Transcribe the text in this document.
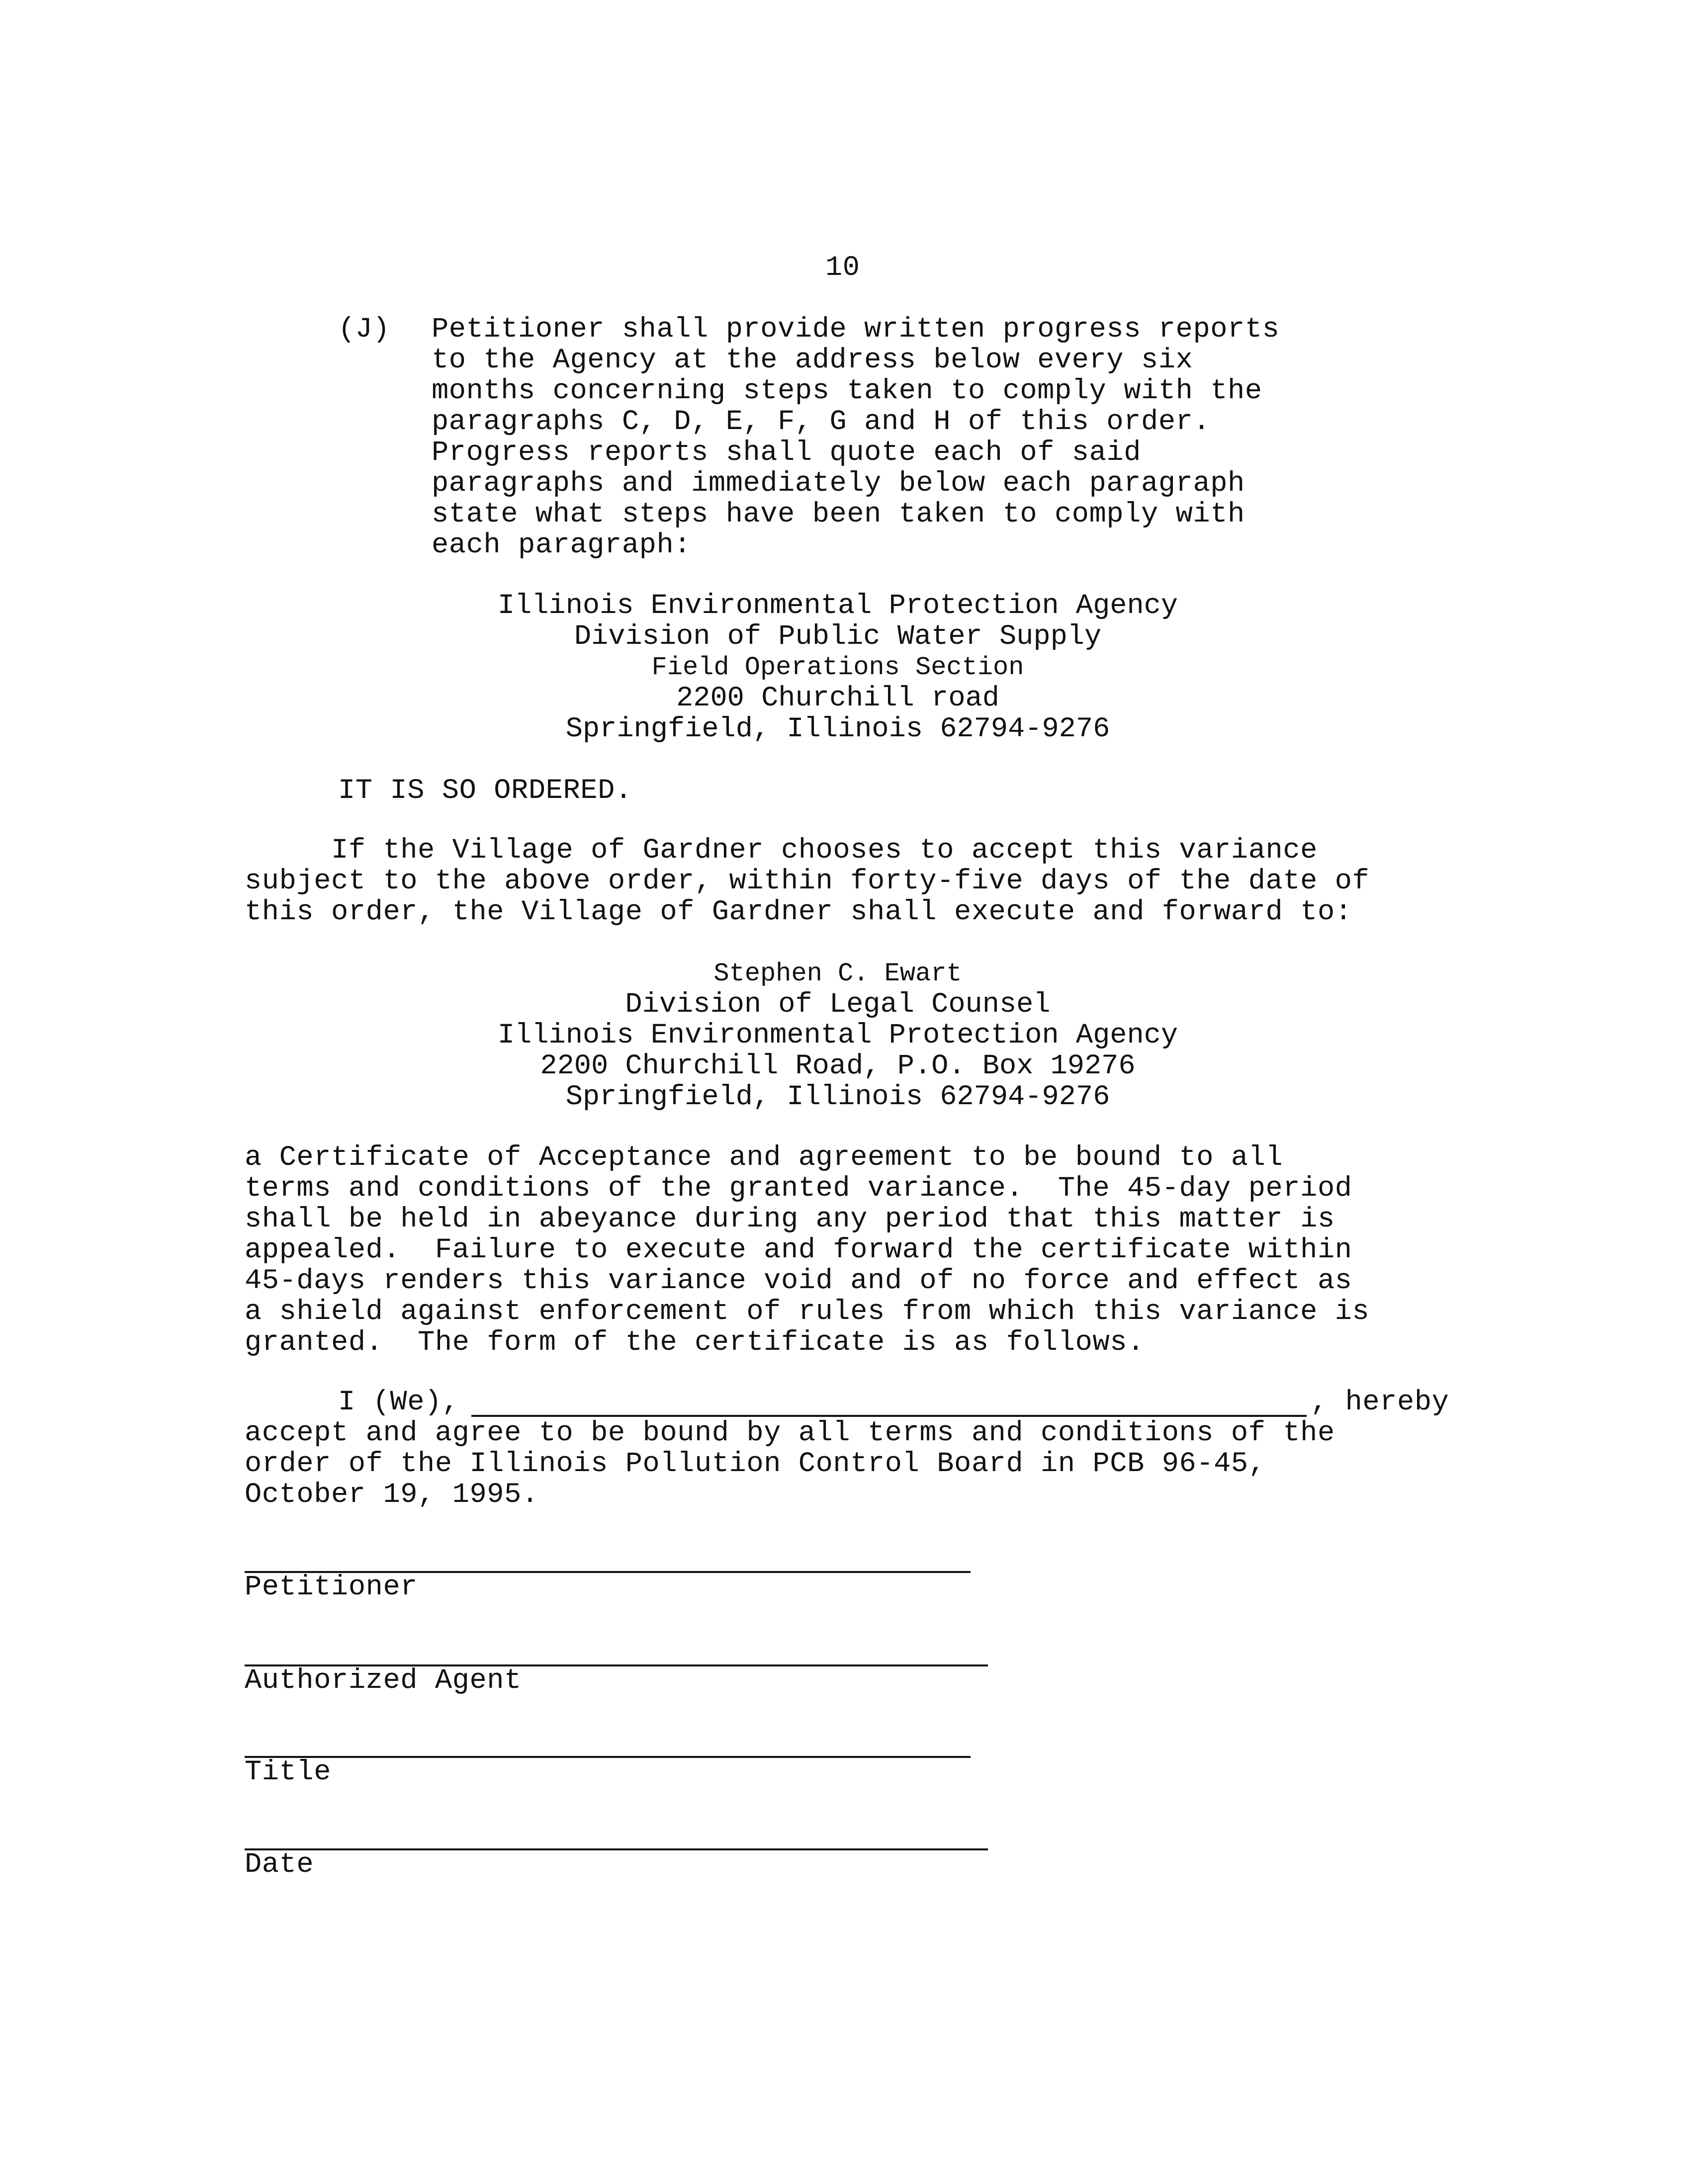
10
(J) Petitioner shall provide written progress reports
to the Agency at the address below every six
months concerning steps taken to comply with the
paragraphs C, D, E, F, G and H of this order.
Progress reports shall quote each of said
paragraphs and immediately below each paragraph
state what steps have been taken to comply with
each paragraph:
Illinois Environmental Protection Agency
Division of Public Water Supply
Field Operations Section
2200 Churchill road
Springfield, Illinois 62794-9276
IT IS SO ORDERED.
If the Village of Gardner chooses to accept this variance
subject to the above order, within forty-five days of the date of
this order, the Village of Gardner shall execute and forward to:
Stephen C. Ewart
Division of Legal Counsel
Illinois Environmental Protection Agency
2200 Churchill Road, P.O. Box 19276
Springfield, Illinois 62794-9276
a Certificate of Acceptance and agreement to be bound to all
terms and conditions of the granted variance.  The 45-day period
shall be held in abeyance during any period that this matter is
appealed.  Failure to execute and forward the certificate within
45-days renders this variance void and of no force and effect as
a shield against enforcement of rules from which this variance is
granted.  The form of the certificate is as follows.
I (We),	, hereby
accept and agree to be bound by all terms and conditions of the
order of the Illinois Pollution Control Board in PCB 96-45,
October 19, 1995.
Petitioner
Authorized Agent
Title
Date
